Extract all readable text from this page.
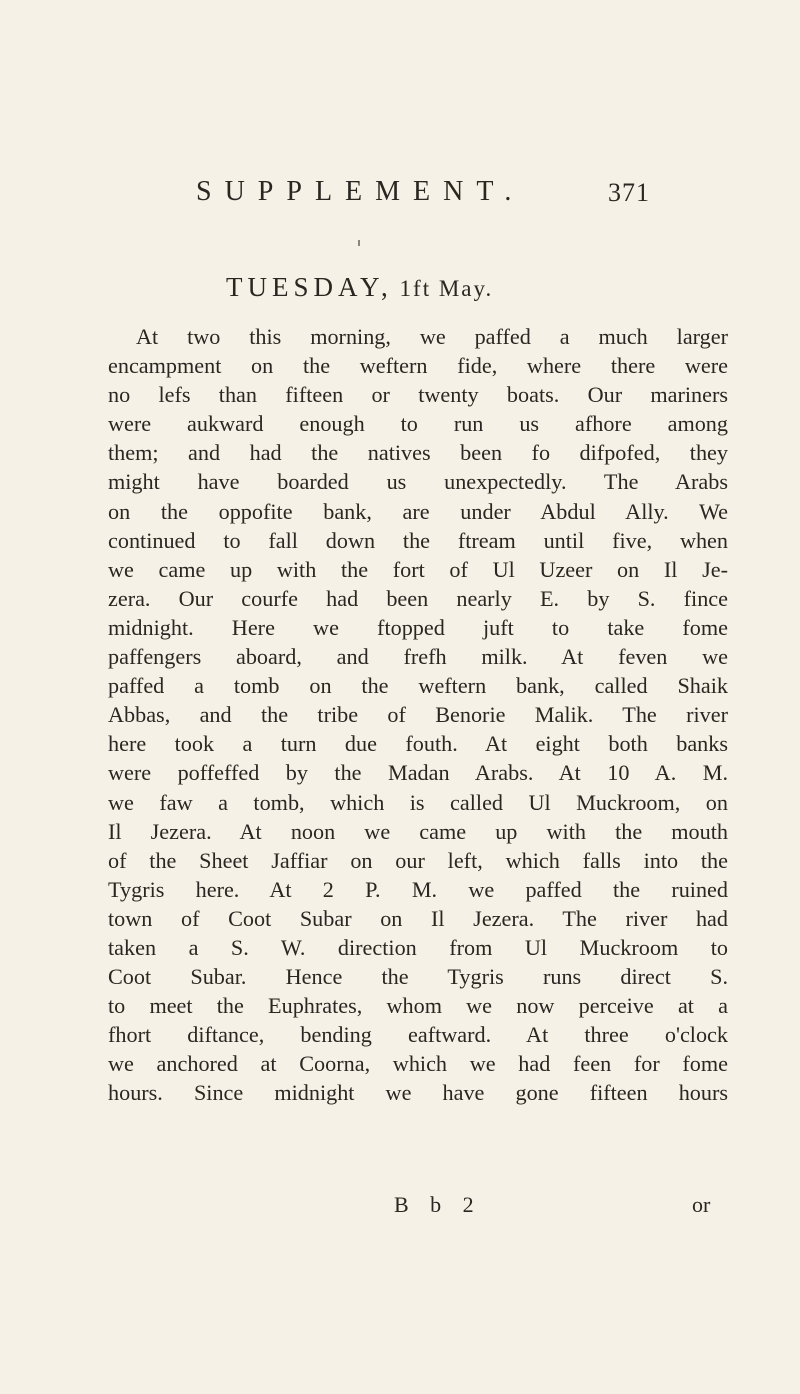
SUPPLEMENT.	371
TUESDAY, 1ft May.
At two this morning, we paffed a much larger
encampment on the weftern fide, where there were
no lefs than fifteen or twenty boats. Our mariners
were aukward enough to run us afhore among
them; and had the natives been fo difpofed, they
might have boarded us unexpectedly. The Arabs
on the oppofite bank, are under Abdul Ally. We
continued to fall down the ftream until five, when
we came up with the fort of Ul Uzeer on Il Je-
zera. Our courfe had been nearly E. by S. fince
midnight. Here we ftopped juft to take fome
paffengers aboard, and frefh milk. At feven we
paffed a tomb on the weftern bank, called Shaik
Abbas, and the tribe of Benorie Malik. The river
here took a turn due fouth. At eight both banks
were poffeffed by the Madan Arabs. At 10 A. M.
we faw a tomb, which is called Ul Muckroom, on
Il Jezera. At noon we came up with the mouth
of the Sheet Jaffiar on our left, which falls into the
Tygris here. At 2 P. M. we paffed the ruined
town of Coot Subar on Il Jezera. The river had
taken a S. W. direction from Ul Muckroom to
Coot Subar. Hence the Tygris runs direct S.
to meet the Euphrates, whom we now perceive at a
fhort diftance, bending eaftward. At three o'clock
we anchored at Coorna, which we had feen for fome
hours. Since midnight we have gone fifteen hours
B b 2	or
